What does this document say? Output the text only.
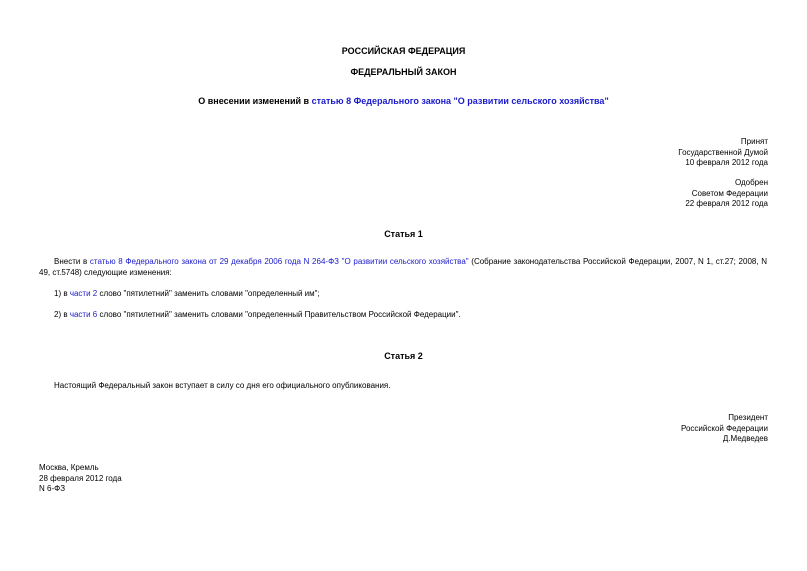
РОССИЙСКАЯ ФЕДЕРАЦИЯ
ФЕДЕРАЛЬНЫЙ ЗАКОН
О внесении изменений в статью 8 Федерального закона "О развитии сельского хозяйства"
Принят
Государственной Думой
10 февраля 2012 года
Одобрен
Советом Федерации
22 февраля 2012 года
Статья 1
Внести в статью 8 Федерального закона от 29 декабря 2006 года N 264-ФЗ "О развитии сельского хозяйства" (Собрание законодательства Российской Федерации, 2007, N 1, ст.27; 2008, N 49, ст.5748) следующие изменения:
1) в части 2 слово "пятилетний" заменить словами "определенный им";
2) в части 6 слово "пятилетний" заменить словами "определенный Правительством Российской Федерации".
Статья 2
Настоящий Федеральный закон вступает в силу со дня его официального опубликования.
Президент
Российской Федерации
Д.Медведев
Москва, Кремль
28 февраля 2012 года
N 6-ФЗ
